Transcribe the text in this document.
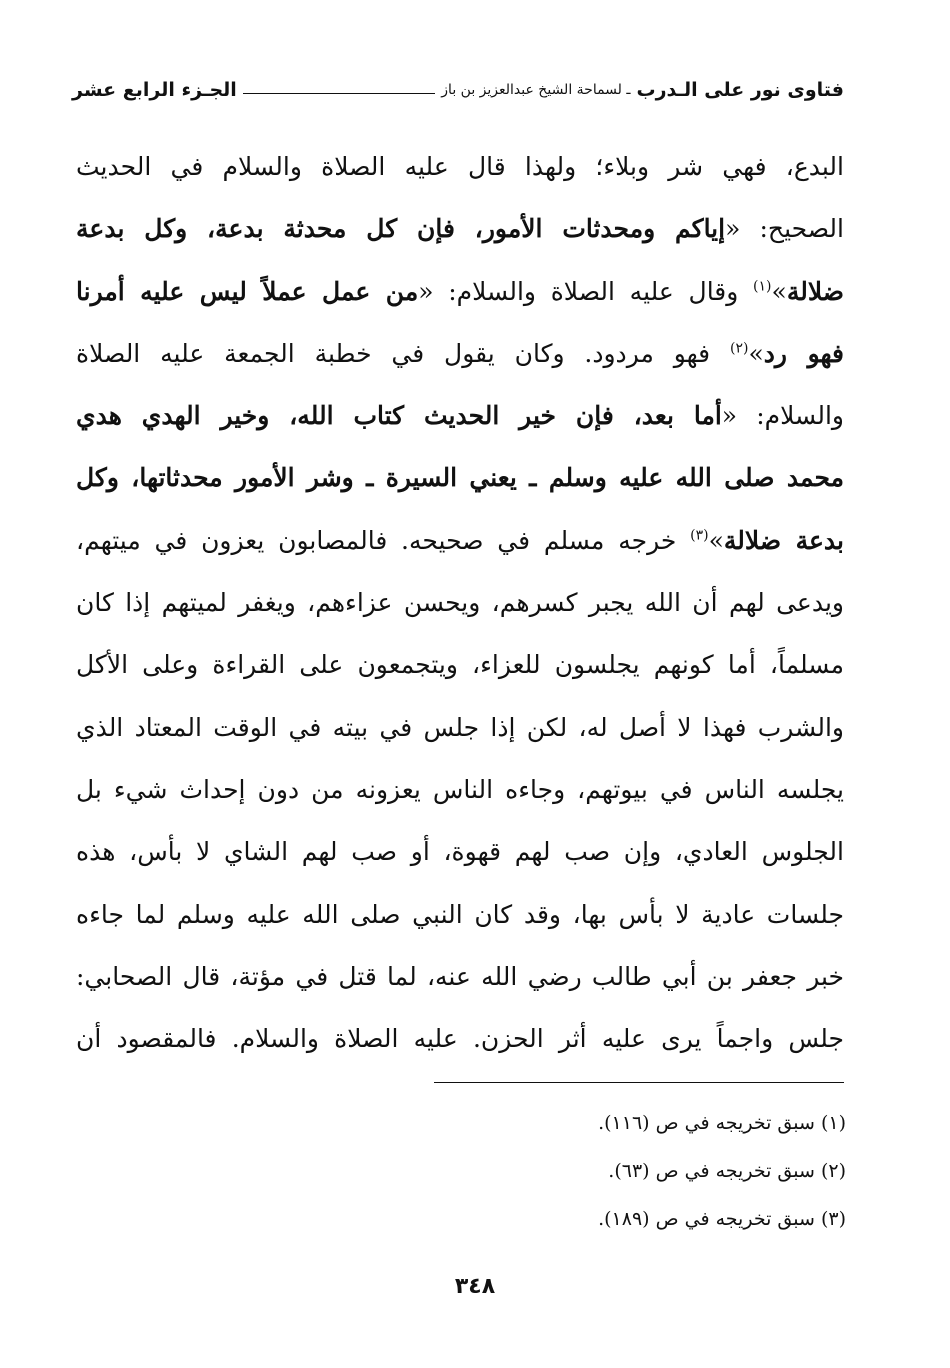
فتاوى نور على الـدرب
ـ لسماحة الشيخ عبدالعزيز بن باز
الجـزء الرابع عشر
البدع، فهي شر وبلاء؛ ولهذا قال عليه الصلاة والسلام في الحديث
الصحيح: «إياكم ومحدثات الأمور، فإن كل محدثة بدعة، وكل بدعة
ضلالة»$^{(١)}$ وقال عليه الصلاة والسلام: «من عمل عملاً ليس عليه أمرنا
فهو رد»$^{(٢)}$ فهو مردود. وكان يقول في خطبة الجمعة عليه الصلاة
والسلام: «أما بعد، فإن خير الحديث كتاب الله، وخير الهدي هدي
محمد صلى الله عليه وسلم ـ يعني السيرة ـ وشر الأمور محدثاتها، وكل
بدعة ضلالة»$^{(٣)}$ خرجه مسلم في صحيحه. فالمصابون يعزون في ميتهم،
ويدعى لهم أن الله يجبر كسرهم، ويحسن عزاءهم، ويغفر لميتهم إذا كان
مسلماً، أما كونهم يجلسون للعزاء، ويتجمعون على القراءة وعلى الأكل
والشرب فهذا لا أصل له، لكن إذا جلس في بيته في الوقت المعتاد الذي
يجلسه الناس في بيوتهم، وجاءه الناس يعزونه من دون إحداث شيء بل
الجلوس العادي، وإن صب لهم قهوة، أو صب لهم الشاي لا بأس، هذه
جلسات عادية لا بأس بها، وقد كان النبي صلى الله عليه وسلم لما جاءه
خبر جعفر بن أبي طالب رضي الله عنه، لما قتل في مؤتة، قال الصحابي:
جلس واجماً يرى عليه أثر الحزن. عليه الصلاة والسلام. فالمقصود أن
(١) سبق تخريجه في ص (١١٦).
(٢) سبق تخريجه في ص (٦٣).
(٣) سبق تخريجه في ص (١٨٩).
٣٤٨
